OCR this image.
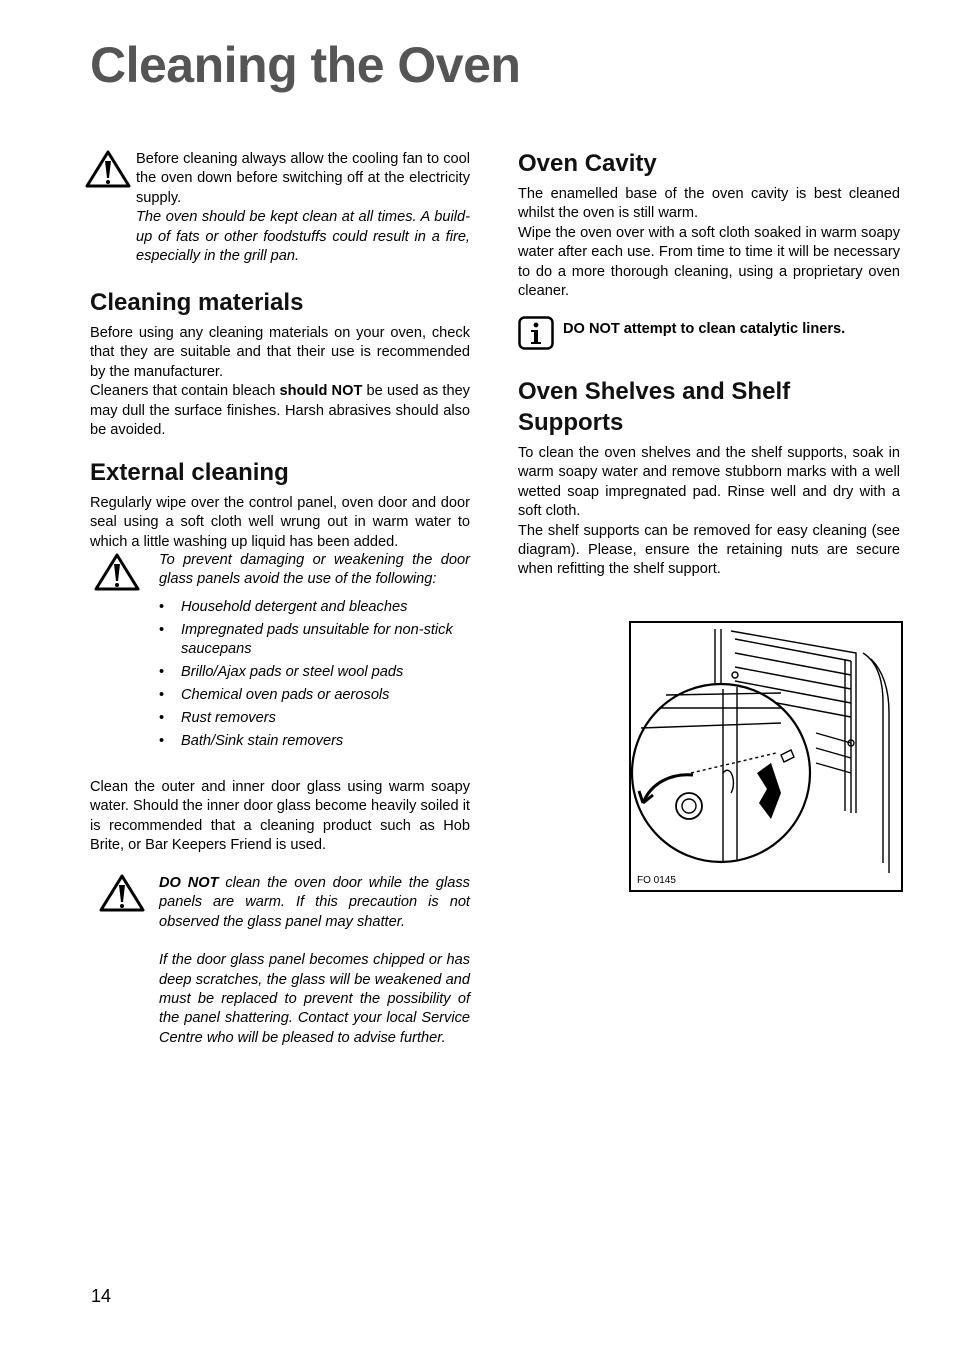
Cleaning the Oven

Before cleaning always allow the cooling fan to cool the oven down before switching off at the electricity supply.

The oven should be kept clean at all times. A build-up of fats or other foodstuffs could result in a fire, especially in the grill pan.

Cleaning materials

Before using any cleaning materials on your oven, check that they are suitable and that their use is recommended by the manufacturer.

Cleaners that contain bleach should NOT be used as they may dull the surface finishes. Harsh abrasives should also be avoided.

External cleaning

Regularly wipe over the control panel, oven door and door seal using a soft cloth well wrung out in warm water to which a little washing up liquid has been added.

To prevent damaging or weakening the door glass panels avoid the use of the following:

• Household detergent and bleaches
• Impregnated pads unsuitable for non-stick saucepans
• Brillo/Ajax pads or steel wool pads
• Chemical oven pads or aerosols
• Rust removers
• Bath/Sink stain removers

Clean the outer and inner door glass using warm soapy water. Should the inner door glass become heavily soiled it is recommended that a cleaning product such as Hob Brite, or Bar Keepers Friend is used.

DO NOT clean the oven door while the glass panels are warm. If this precaution is not observed the glass panel may shatter.

If the door glass panel becomes chipped or has deep scratches, the glass will be weakened and must be replaced to prevent the possibility of the panel shattering. Contact your local Service Centre who will be pleased to advise further.

Oven Cavity

The enamelled base of the oven cavity is best cleaned whilst the oven is still warm.

Wipe the oven over with a soft cloth soaked in warm soapy water after each use. From time to time it will be necessary to do a more thorough cleaning, using a proprietary oven cleaner.

DO NOT attempt to clean catalytic liners.
Oven Shelves and Shelf Supports

To clean the oven shelves and the shelf supports, soak in warm soapy water and remove stubborn marks with a well wetted soap impregnated pad. Rinse well and dry with a soft cloth.

The shelf supports can be removed for easy cleaning (see diagram). Please, ensure the retaining nuts are secure when refitting the shelf support.

FO 0145
14
